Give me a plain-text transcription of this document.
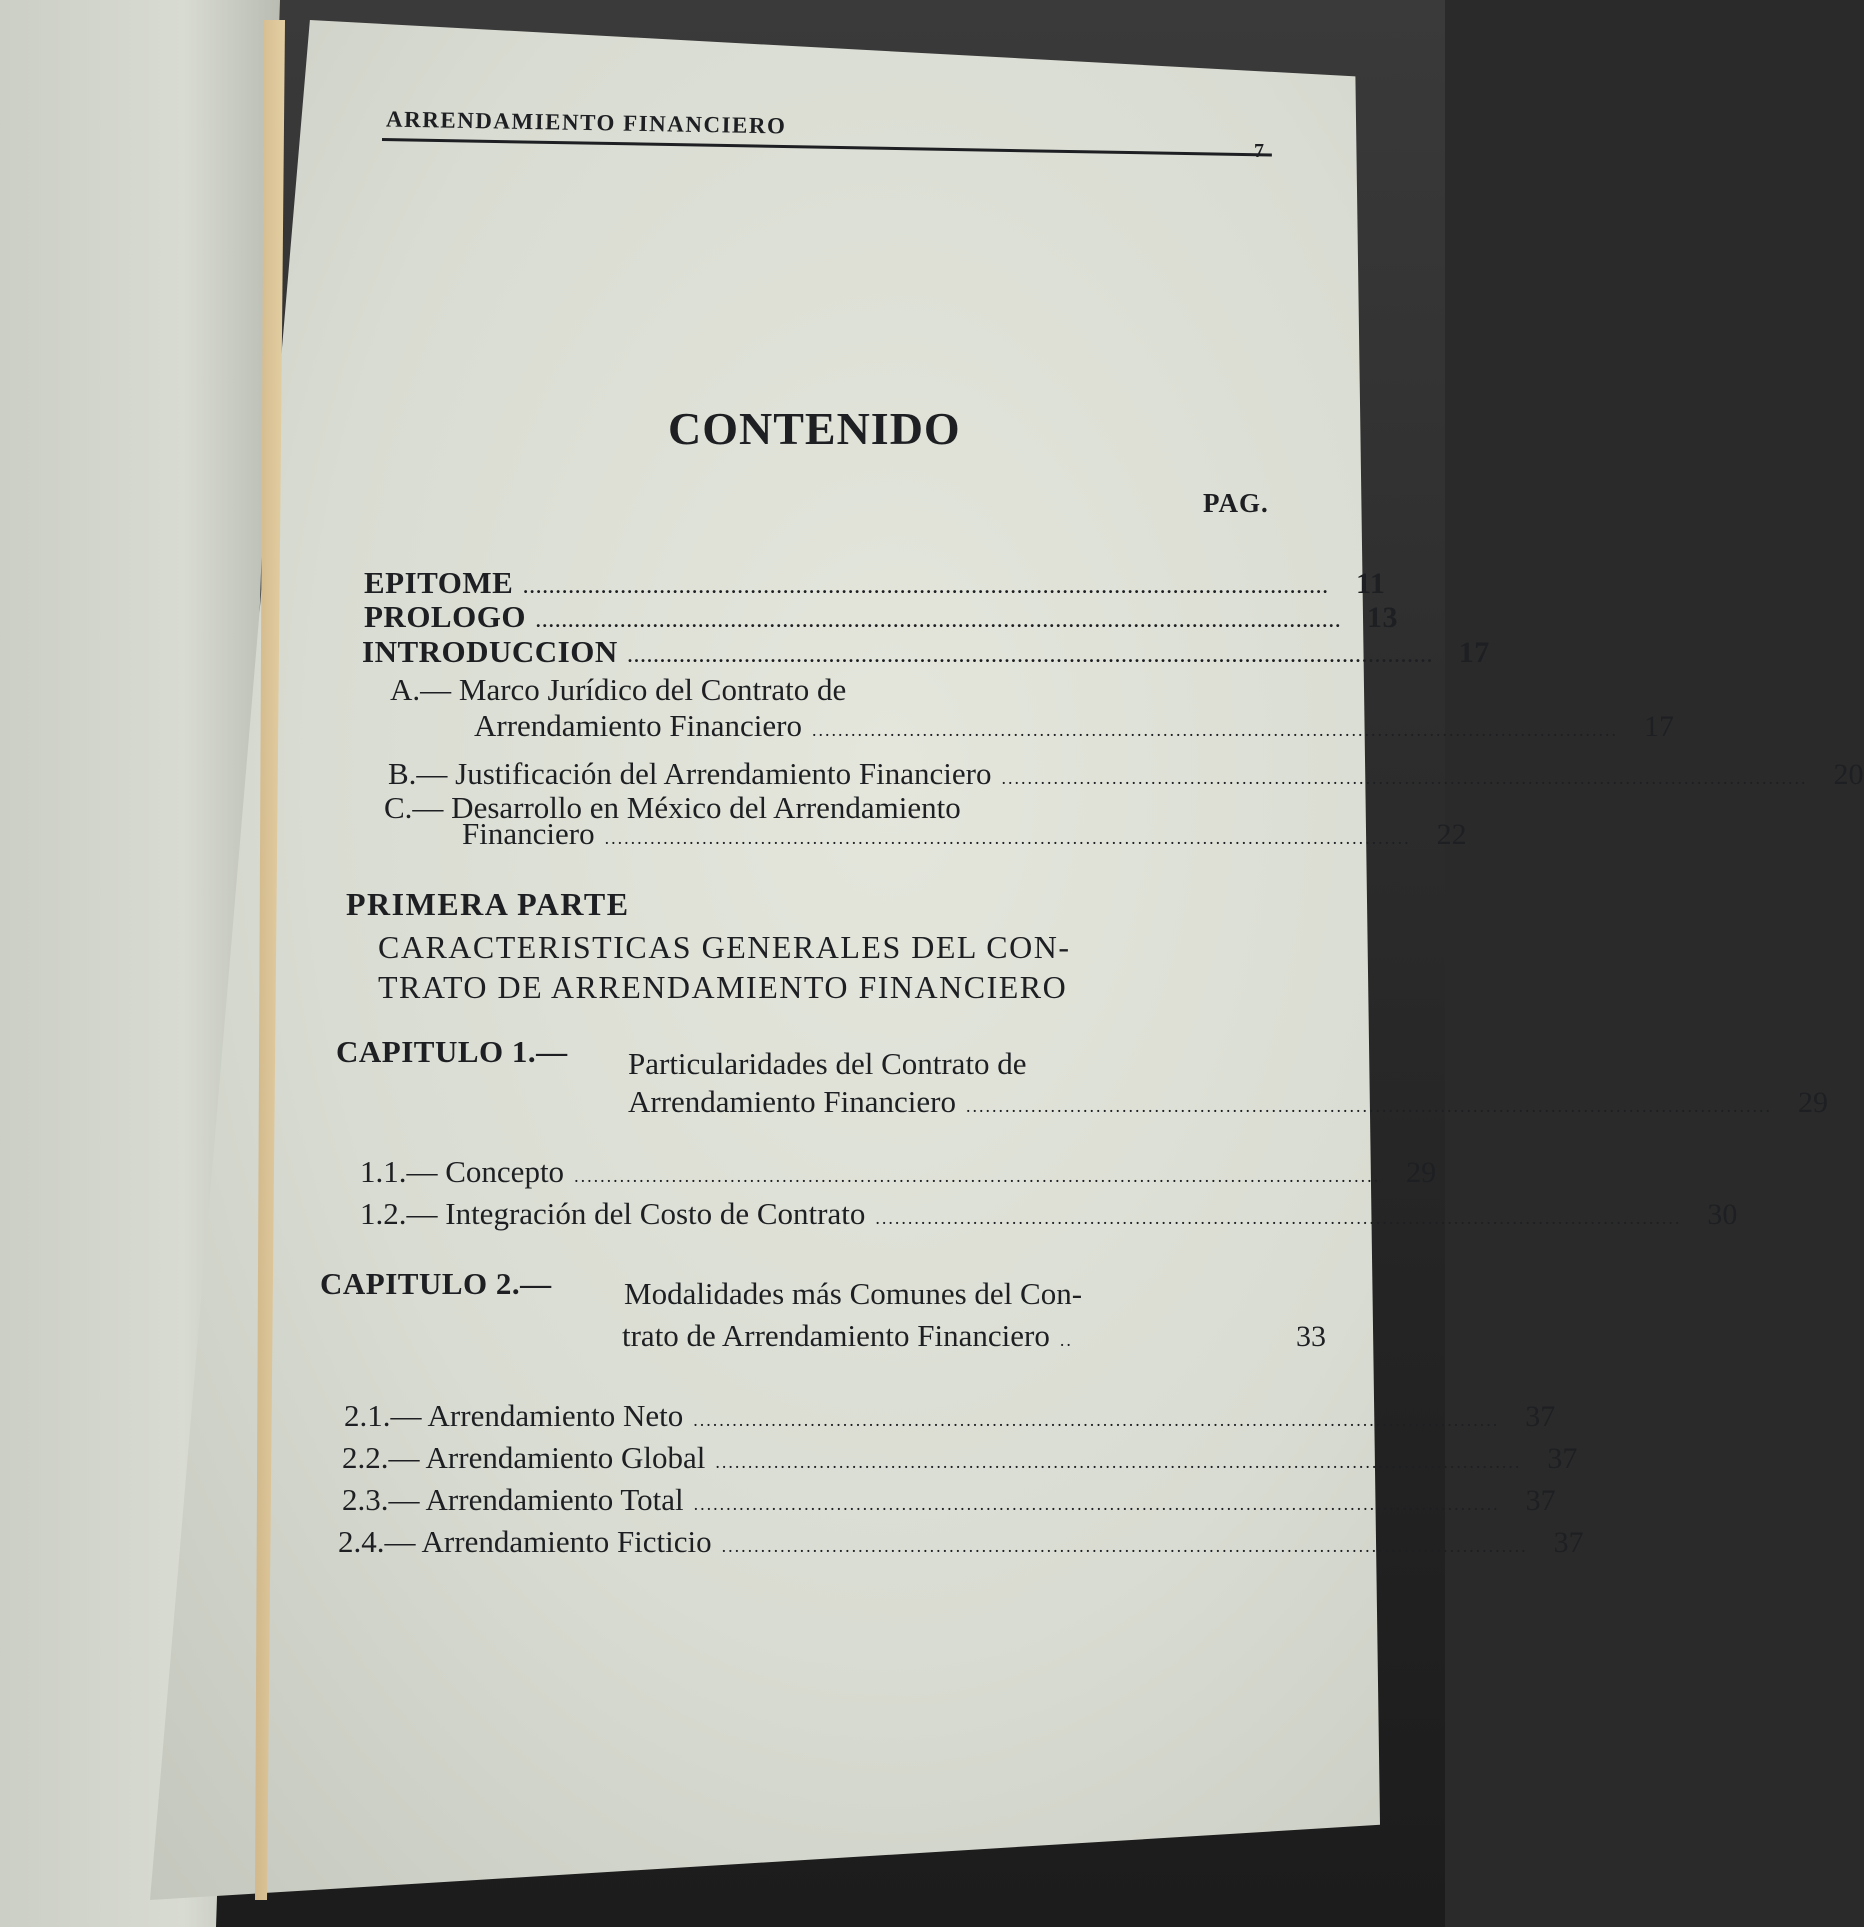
ARRENDAMIENTO FINANCIERO
7
CONTENIDO
PAG.
EPITOME ............................................................................................................................ 11
PROLOGO ............................................................................................................................ 13
INTRODUCCION ............................................................................................................................ 17
A.— Marco Jurídico del Contrato de
Arrendamiento Financiero ............................................................................................................................ 17
B.— Justificación del Arrendamiento Financiero ............................................................................................................................ 20
C.— Desarrollo en México del Arrendamiento
Financiero ............................................................................................................................ 22
PRIMERA PARTE
CARACTERISTICAS GENERALES DEL CON-
TRATO DE ARRENDAMIENTO FINANCIERO
CAPITULO 1.— Particularidades del Contrato de
Arrendamiento Financiero ............................................................................................................................ 29
1.1.— Concepto ............................................................................................................................ 29
1.2.— Integración del Costo de Contrato ............................................................................................................................ 30
CAPITULO 2.— Modalidades más Comunes del Con-
trato de Arrendamiento Financiero ..	33
2.1.— Arrendamiento Neto ............................................................................................................................ 37
2.2.— Arrendamiento Global ............................................................................................................................ 37
2.3.— Arrendamiento Total ............................................................................................................................ 37
2.4.— Arrendamiento Ficticio ............................................................................................................................ 37
